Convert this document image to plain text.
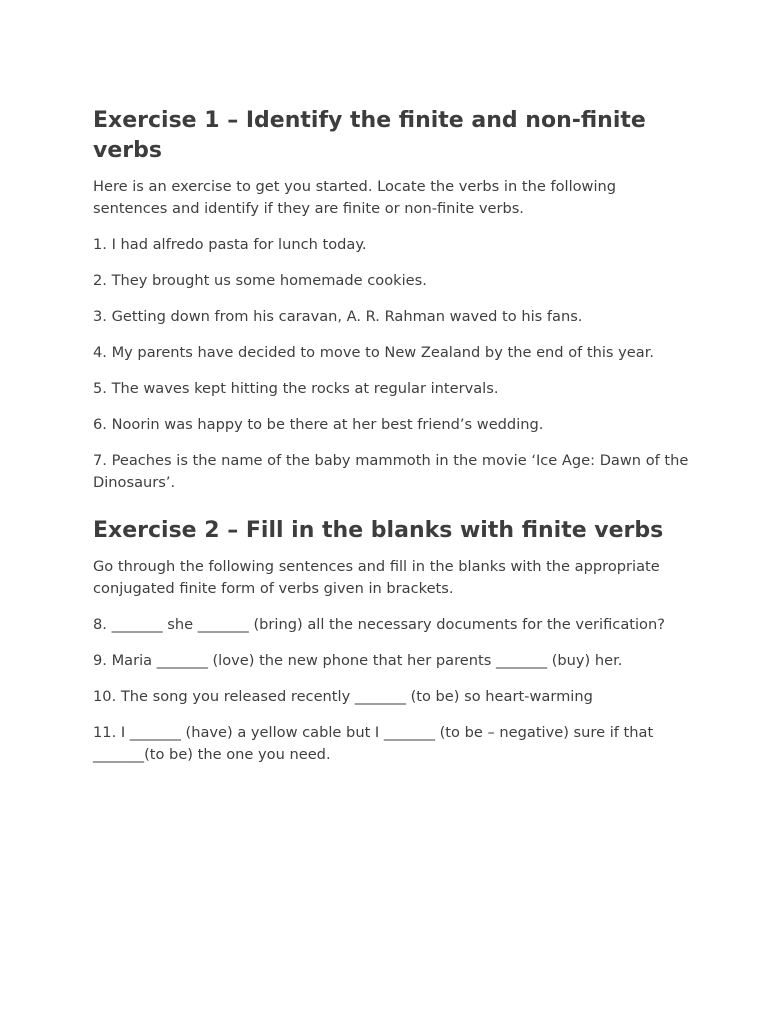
Exercise 1 – Identify the finite and non-finite verbs

Here is an exercise to get you started. Locate the verbs in the following sentences and identify if they are finite or non-finite verbs.

1. I had alfredo pasta for lunch today.

2. They brought us some homemade cookies.

3. Getting down from his caravan, A. R. Rahman waved to his fans.

4. My parents have decided to move to New Zealand by the end of this year.

5. The waves kept hitting the rocks at regular intervals.

6. Noorin was happy to be there at her best friend’s wedding.

7. Peaches is the name of the baby mammoth in the movie ‘Ice Age: Dawn of the Dinosaurs’.

Exercise 2 – Fill in the blanks with finite verbs

Go through the following sentences and fill in the blanks with the appropriate conjugated finite form of verbs given in brackets.

8. _______ she _______ (bring) all the necessary documents for the verification?

9. Maria _______ (love) the new phone that her parents _______ (buy) her.

10. The song you released recently _______ (to be) so heart-warming

11. I _______ (have) a yellow cable but I _______ (to be – negative) sure if that _______(to be) the one you need.
